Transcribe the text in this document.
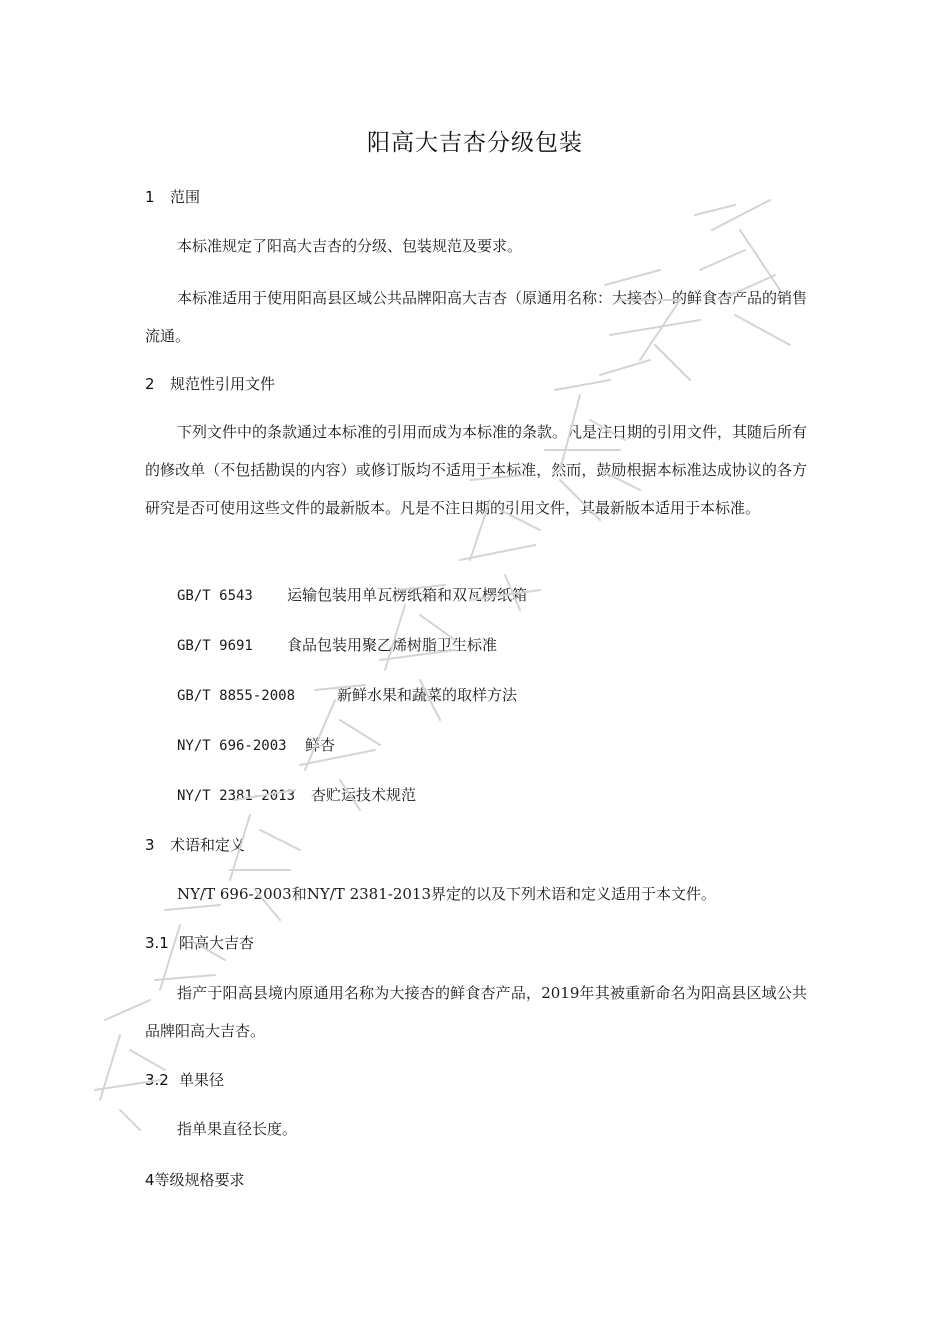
阳高大吉杏分级包装
1 范围
本标准规定了阳高大吉杏的分级、包装规范及要求。
本标准适用于使用阳高县区域公共品牌阳高大吉杏（原通用名称：大接杏）的鲜食杏产品的销售流通。
2 规范性引用文件
下列文件中的条款通过本标准的引用而成为本标准的条款。凡是注日期的引用文件，其随后所有的修改单（不包括勘误的内容）或修订版均不适用于本标准，然而，鼓励根据本标准达成协议的各方研究是否可使用这些文件的最新版本。凡是不注日期的引用文件，其最新版本适用于本标准。
GB/T 6543 运输包装用单瓦楞纸箱和双瓦楞纸箱
GB/T 9691 食品包装用聚乙烯树脂卫生标准
GB/T 8855-2008	新鲜水果和蔬菜的取样方法
NY/T 696-2003 鲜杏
NY/T 2381-2013 杏贮运技术规范
3 术语和定义
NY/T 696-2003和NY/T 2381-2013界定的以及下列术语和定义适用于本文件。
3.1 阳高大吉杏
指产于阳高县境内原通用名称为大接杏的鲜食杏产品，2019年其被重新命名为阳高县区域公共品牌阳高大吉杏。
3.2 单果径
指单果直径长度。
4等级规格要求
